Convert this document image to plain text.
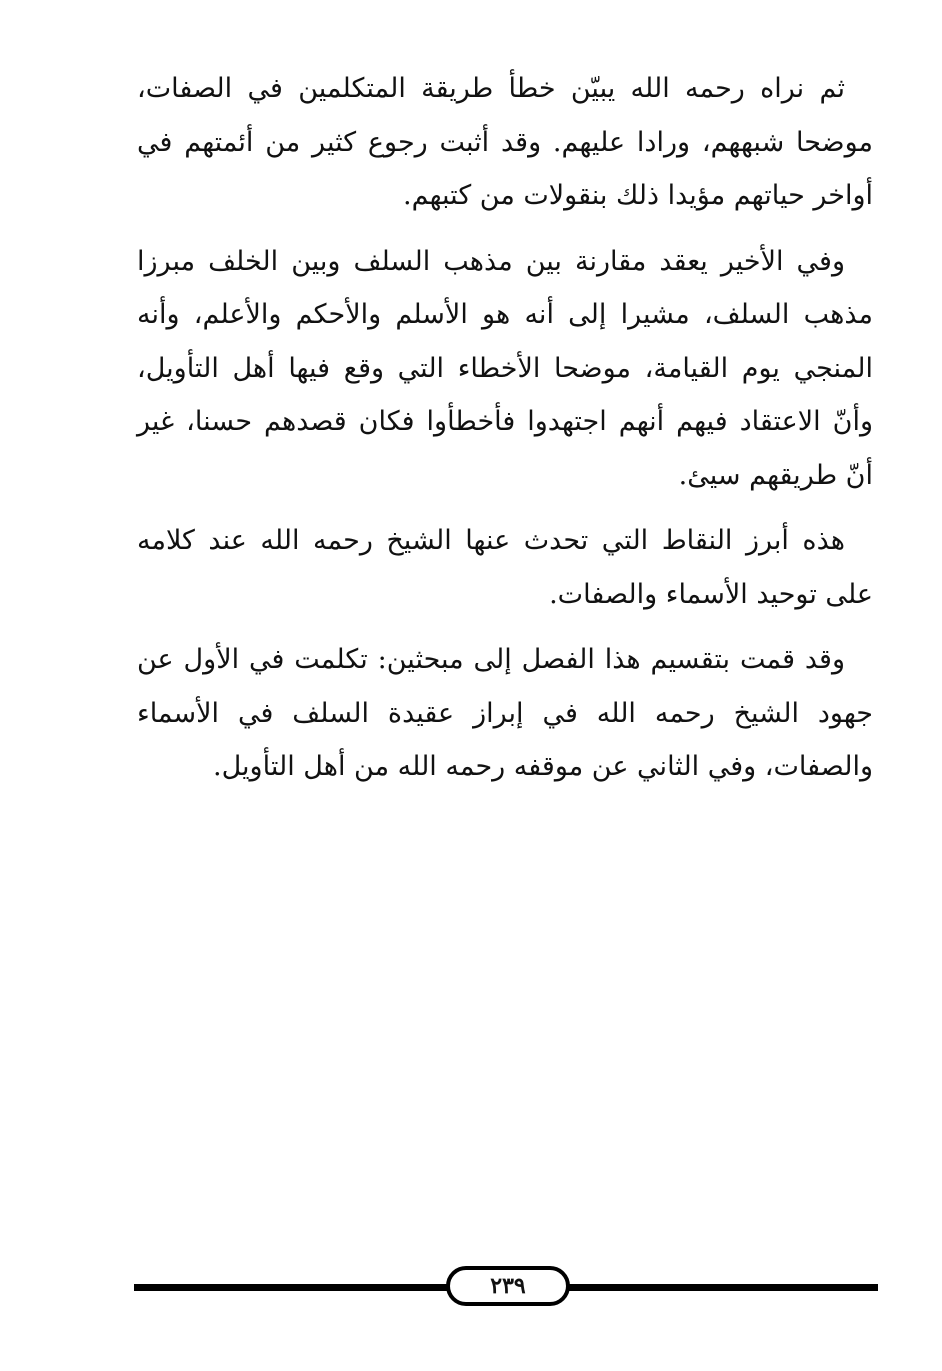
ثم نراه رحمه الله يبيّن خطأ طريقة المتكلمين في الصفات، موضحا شبههم، ورادا عليهم. وقد أثبت رجوع كثير من أئمتهم في أواخر حياتهم مؤيدا ذلك بنقولات من كتبهم.

وفي الأخير يعقد مقارنة بين مذهب السلف وبين الخلف مبرزا مذهب السلف، مشيرا إلى أنه هو الأسلم والأحكم والأعلم، وأنه المنجي يوم القيامة، موضحا الأخطاء التي وقع فيها أهل التأويل، وأنّ الاعتقاد فيهم أنهم اجتهدوا فأخطأوا فكان قصدهم حسنا، غير أنّ طريقهم سيئ.

هذه أبرز النقاط التي تحدث عنها الشيخ رحمه الله عند كلامه على توحيد الأسماء والصفات.

وقد قمت بتقسيم هذا الفصل إلى مبحثين: تكلمت في الأول عن جهود الشيخ رحمه الله في إبراز عقيدة السلف في الأسماء والصفات، وفي الثاني عن موقفه رحمه الله من أهل التأويل.

٢٣٩
